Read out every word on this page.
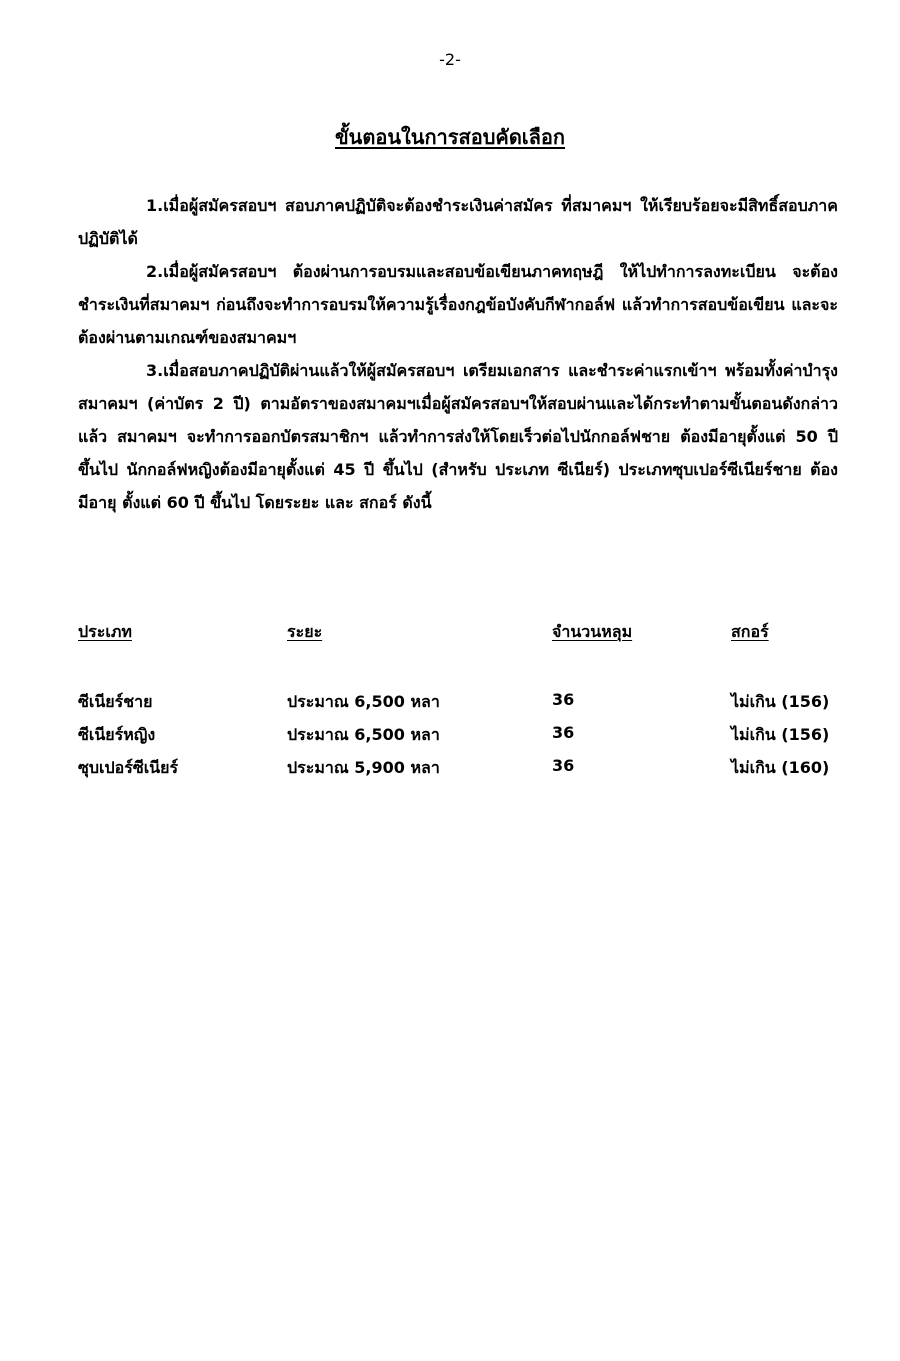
-2-
ขั้นตอนในการสอบคัดเลือก

1.เมื่อผู้สมัครสอบฯ สอบภาคปฏิบัติจะต้องชำระเงินค่าสมัคร ที่สมาคมฯ ให้เรียบร้อยจะมีสิทธิ์สอบภาคปฏิบัติได้

2.เมื่อผู้สมัครสอบฯ ต้องผ่านการอบรมและสอบข้อเขียนภาคทฤษฎี ให้ไปทำการลงทะเบียน จะต้องชำระเงินที่สมาคมฯ ก่อนถึงจะทำการอบรมให้ความรู้เรื่องกฎข้อบังคับกีฬากอล์ฟ แล้วทำการสอบข้อเขียน และจะต้องผ่านตามเกณฑ์ของสมาคมฯ

3.เมื่อสอบภาคปฏิบัติผ่านแล้วให้ผู้สมัครสอบฯ เตรียมเอกสาร และชำระค่าแรกเข้าฯ พร้อมทั้งค่าบำรุงสมาคมฯ (ค่าบัตร 2 ปี) ตามอัตราของสมาคมฯเมื่อผู้สมัครสอบฯให้สอบผ่านและได้กระทำตามขั้นตอนดังกล่าวแล้ว สมาคมฯ จะทำการออกบัตรสมาชิกฯ แล้วทำการส่งให้โดยเร็วต่อไปนักกอล์ฟชาย ต้องมีอายุตั้งแต่ 50 ปี ขึ้นไป นักกอล์ฟหญิงต้องมีอายุตั้งแต่ 45 ปี ขึ้นไป (สำหรับ ประเภท ซีเนียร์) ประเภทซุบเปอร์ซีเนียร์ชาย ต้องมีอายุ ตั้งแต่ 60 ปี ขึ้นไป โดยระยะ และ สกอร์ ดังนี้

ประเภท	ระยะ	จำนวนหลุม	สกอร์
ซีเนียร์ชาย	ประมาณ 6,500 หลา	36	ไม่เกิน (156)
ซีเนียร์หญิง	ประมาณ 6,500 หลา	36	ไม่เกิน (156)
ซุบเปอร์ซีเนียร์	ประมาณ 5,900 หลา	36	ไม่เกิน (160)
